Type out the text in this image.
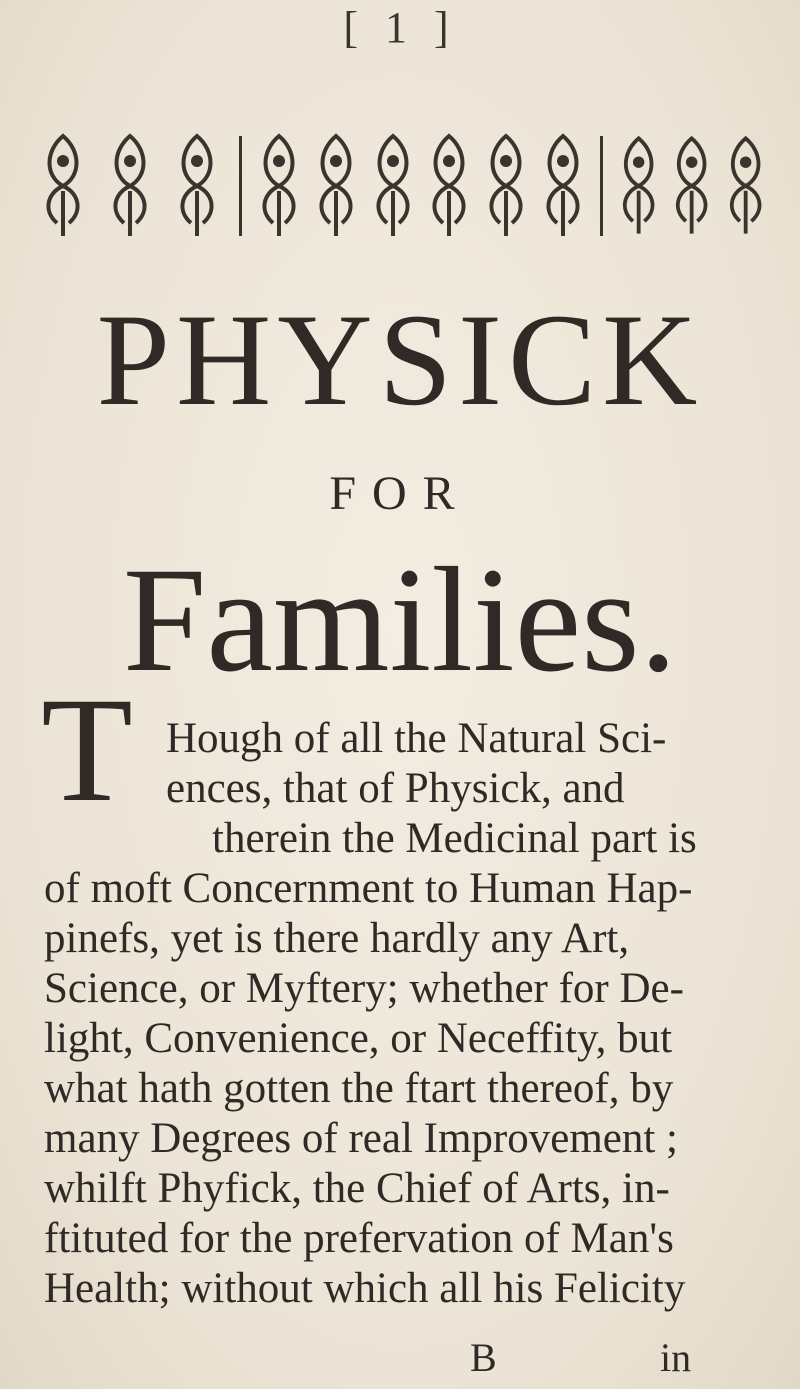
[ 1 ]
PHYSICK
FOR
Families.
T Hough of all the Natural Sci-
ences, that of Physick, and
therein the Medicinal part is
of moft Concernment to Human Hap-
pinefs, yet is there hardly any Art,
Science, or Myftery; whether for De-
light, Convenience, or Neceffity, but
what hath gotten the ftart thereof, by
many Degrees of real Improvement ;
whilft Phyfick, the Chief of Arts, in-
ftituted for the prefervation of Man's
Health; without which all his Felicity
B	in
